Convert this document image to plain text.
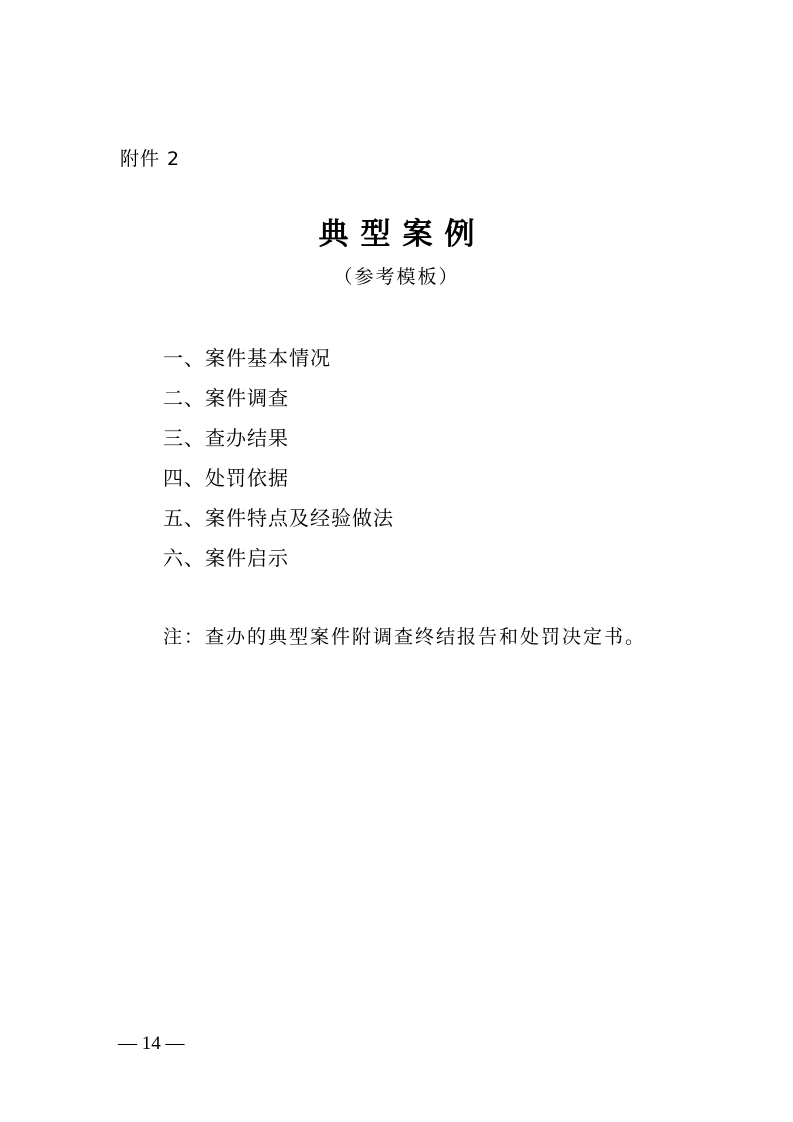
附件 2
典型案例
（参考模板）
一、案件基本情况
二、案件调查
三、查办结果
四、处罚依据
五、案件特点及经验做法
六、案件启示
注：查办的典型案件附调查终结报告和处罚决定书。
— 14 —
